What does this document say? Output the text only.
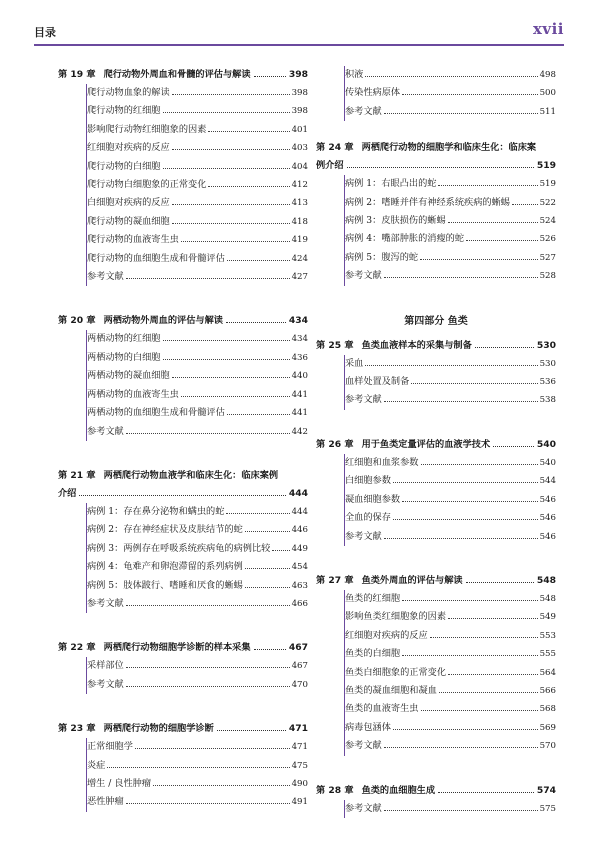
目录	xvii
第 19 章 爬行动物外周血和骨髓的评估与解读	398
爬行动物血象的解读	398
爬行动物的红细胞	398
影响爬行动物红细胞象的因素	401
红细胞对疾病的反应	403
爬行动物的白细胞	404
爬行动物白细胞象的正常变化	412
白细胞对疾病的反应	413
爬行动物的凝血细胞	418
爬行动物的血液寄生虫	419
爬行动物的血细胞生成和骨髓评估	424
参考文献	427
第 20 章 两栖动物外周血的评估与解读	434
两栖动物的红细胞	434
两栖动物的白细胞	436
两栖动物的凝血细胞	440
两栖动物的血液寄生虫	441
两栖动物的血细胞生成和骨髓评估	441
参考文献	442
第 21 章 两栖爬行动物血液学和临床生化：临床案例
介绍	444
病例 1：存在鼻分泌物和螨虫的蛇	444
病例 2：存在神经症状及皮肤结节的蛇	446
病例 3：两例存在呼吸系统疾病龟的病例比较 449
病例 4：龟难产和卵泡滞留的系列病例	454
病例 5：肢体跛行、嗜睡和厌食的蜥蜴	463
参考文献	466
第 22 章 两栖爬行动物细胞学诊断的样本采集	467
采样部位	467
参考文献	470
第 23 章 两栖爬行动物的细胞学诊断	471
正常细胞学	471
炎症	475
增生 / 良性肿瘤	490
恶性肿瘤	491
积液	498
传染性病原体	500
参考文献	511
第 24 章 两栖爬行动物的细胞学和临床生化：临床案
例介绍	519
病例 1：右眼凸出的蛇	519
病例 2：嗜睡并伴有神经系统疾病的蜥蜴	522
病例 3：皮肤损伤的蜥蜴	524
病例 4：嘴部肿胀的消瘦的蛇	526
病例 5：腹泻的蛇	527
参考文献	528
第四部分 鱼类
第 25 章 鱼类血液样本的采集与制备	530
采血	530
血样处置及制备	536
参考文献	538
第 26 章 用于鱼类定量评估的血液学技术	540
红细胞和血浆参数	540
白细胞参数	544
凝血细胞参数	546
全血的保存	546
参考文献	546
第 27 章 鱼类外周血的评估与解读	548
鱼类的红细胞	548
影响鱼类红细胞象的因素	549
红细胞对疾病的反应	553
鱼类的白细胞	555
鱼类白细胞象的正常变化	564
鱼类的凝血细胞和凝血	566
鱼类的血液寄生虫	568
病毒包涵体	569
参考文献	570
第 28 章 鱼类的血细胞生成	574
参考文献	575
